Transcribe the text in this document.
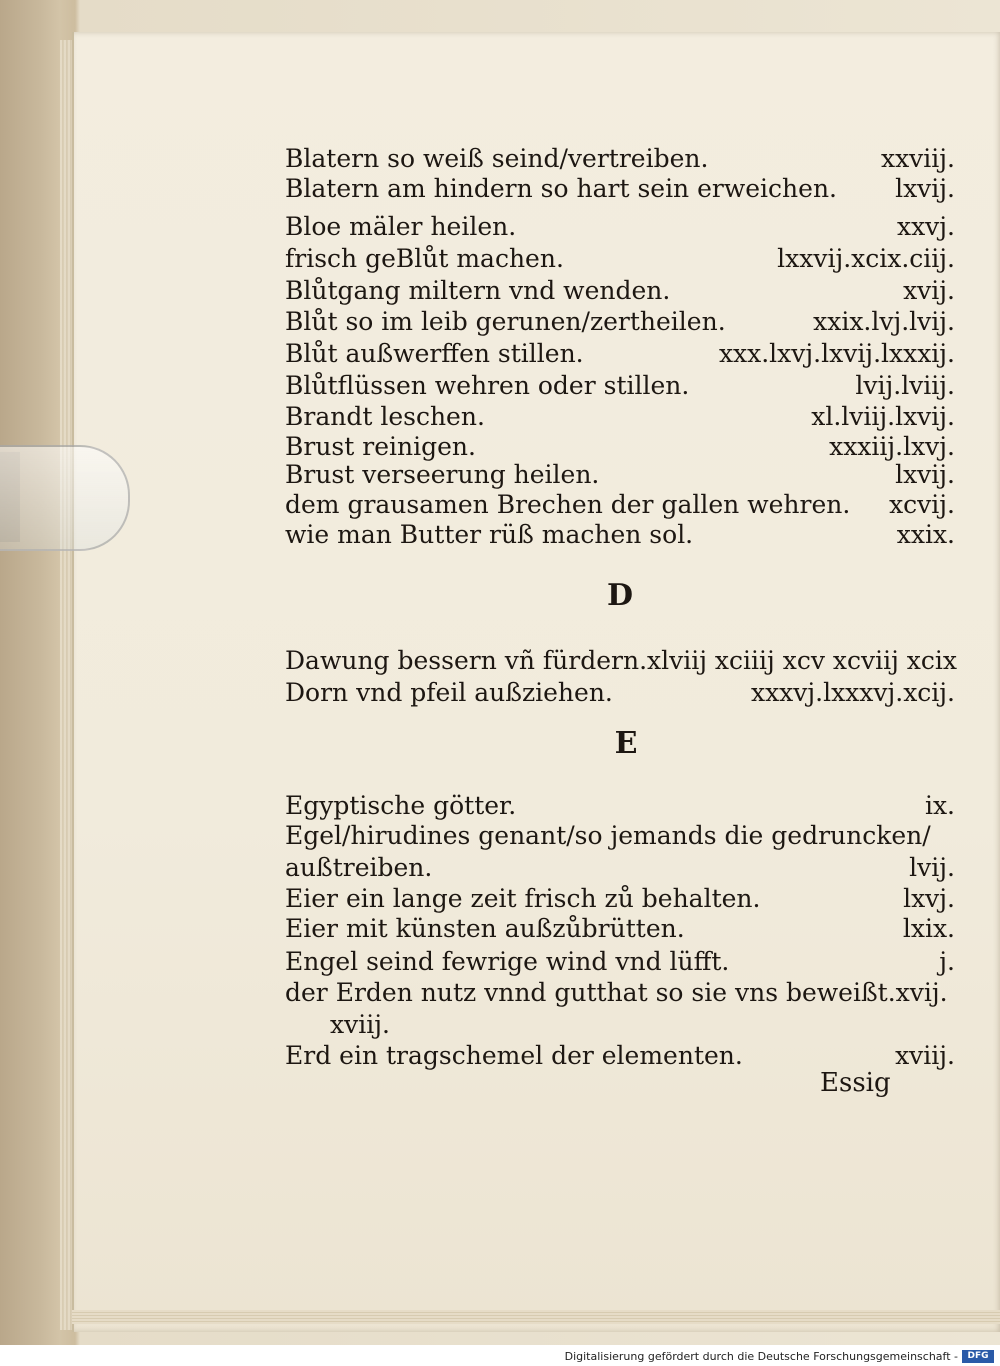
Blatern so weiß seind/vertreiben.	xxviij.
Blatern am hindern so hart sein erweichen. lxvij.
Bloe mäler heilen.	xxvj.
frisch geBlůt machen.	lxxvij.xcix.ciij.
Blůtgang miltern vnd wenden.	xvij.
Blůt so im leib gerunen/zertheilen.	xxix.lvj.lvij.
Blůt außwerffen stillen.	xxx.lxvj.lxvij.lxxxij.
Blůtflüssen wehren oder stillen.	lvij.lviij.
Brandt leschen.	xl.lviij.lxvij.
Brust reinigen.	xxxiij.lxvj.
Brust verseerung heilen.	lxvij.
dem grausamen Brechen der gallen wehren. xcvij.
wie man Butter rüß machen sol.	xxix.
D
Dawung bessern vñ fürdern.xlviij xciiij xcv xcviij xcix
Dorn vnd pfeil außziehen.	xxxvj.lxxxvj.xcij.
E
Egyptische götter.	ix.
Egel/hirudines genant/so jemands die gedruncken/
außtreiben.	lvij.
Eier ein lange zeit frisch zů behalten.	lxvj.
Eier mit künsten außzůbrütten.	lxix.
Engel seind fewrige wind vnd lüfft.	j.
der Erden nutz vnnd gutthat so sie vns beweißt.xvij.
xviij.
Erd ein tragschemel der elementen.	xviij.
Essig
Digitalisierung gefördert durch die Deutsche Forschungsgemeinschaft -	DFG
